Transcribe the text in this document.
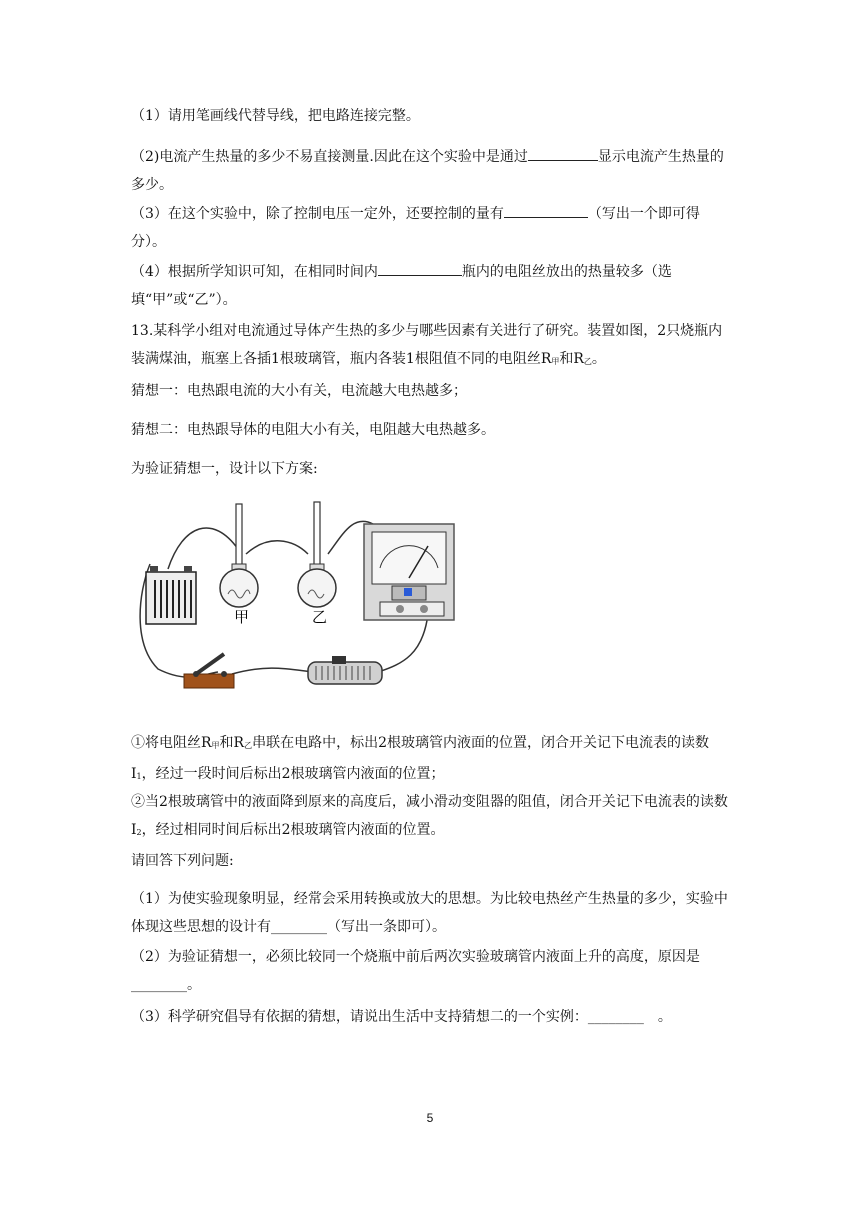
（1）请用笔画线代替导线，把电路连接完整。

（2)电流产生热量的多少不易直接测量.因此在这个实验中是通过	显示电流产生热量的多少。

（3）在这个实验中，除了控制电压一定外，还要控制的量有	（写出一个即可得分）。

（4）根据所学知识可知，在相同时间内	瓶内的电阻丝放出的热量较多（选填“甲”或“乙”）。

13.某科学小组对电流通过导体产生热的多少与哪些因素有关进行了研究。装置如图，2只烧瓶内装满煤油，瓶塞上各插1根玻璃管，瓶内各装1根阻值不同的电阻丝R甲和R乙。

猜想一：电热跟电流的大小有关，电流越大电热越多；

猜想二：电热跟导体的电阻大小有关，电阻越大电热越多。

为验证猜想一，设计以下方案:

甲	乙

①将电阻丝R甲和R乙串联在电路中，标出2根玻璃管内液面的位置，闭合开关记下电流表的读数I1，经过一段时间后标出2根玻璃管内液面的位置；

②当2根玻璃管中的液面降到原来的高度后，减小滑动变阻器的阻值，闭合开关记下电流表的读数I2，经过相同时间后标出2根玻璃管内液面的位置。

请回答下列问题:

（1）为使实验现象明显，经常会采用转换或放大的思想。为比较电热丝产生热量的多少，实验中体现这些思想的设计有________（写出一条即可）。

（2）为验证猜想一，必须比较同一个烧瓶中前后两次实验玻璃管内液面上升的高度，原因是________。

（3）科学研究倡导有依据的猜想，请说出生活中支持猜想二的一个实例：________　。

5
